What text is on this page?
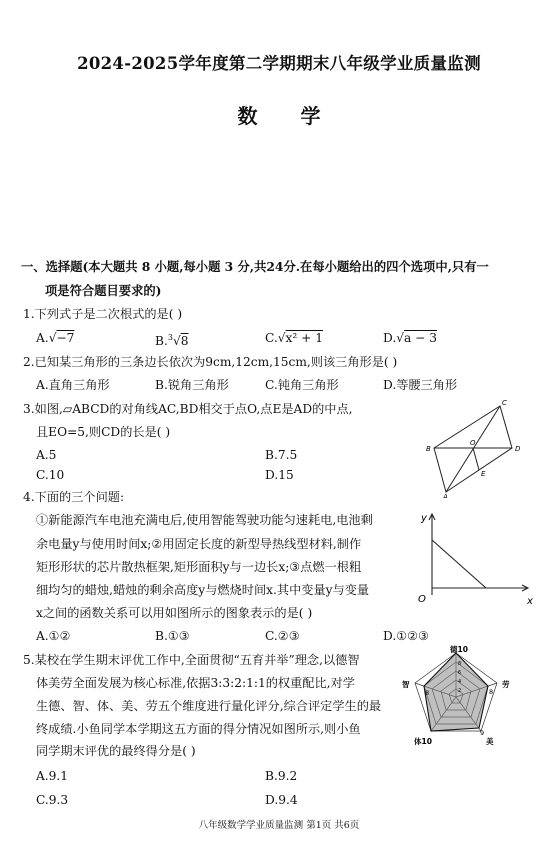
2024-2025学年度第二学期期末八年级学业质量监测
数 学
一、选择题(本大题共 8 小题,每小题 3 分,共24分.在每小题给出的四个选项中,只有一
项是符合题目要求的)
1.下列式子是二次根式的是( )
A.√−7	B.$^3$√8	C.√x² + 1	D.√a − 3
2.已知某三角形的三条边长依次为9cm,12cm,15cm,则该三角形是( )
A.直角三角形	B.锐角三角形	C.钝角三角形	D.等腰三角形
3.如图,▱ABCD的对角线AC,BD相交于点O,点E是AD的中点,
且EO=5,则CD的长是( )
A.5	B.7.5
C.10	D.15
B
C
D
A
O
E
4.下面的三个问题:
①新能源汽车电池充满电后,使用智能驾驶功能匀速耗电,电池剩
余电量y与使用时间x;②用固定长度的新型导热线型材料,制作
矩形形状的芯片散热框架,矩形面积y与一边长x;③点燃一根粗
细均匀的蜡烛,蜡烛的剩余高度y与燃烧时间x.其中变量y与变量
x之间的函数关系可以用如图所示的图象表示的是( )
A.①②	B.①③	C.②③	D.①②③
y
x
O
5.某校在学生期末评优工作中,全面贯彻“五育并举”理念,以德智
体美劳全面发展为核心标准,依据3:3:2:1:1的权重配比,对学
生德、智、体、美、劳五个维度进行量化评分,综合评定学生的最
终成绩.小鱼同学本学期这五方面的得分情况如图所示,则小鱼
同学期末评优的最终得分是( )
A.9.1	B.9.2
C.9.3	D.9.4
德10
劳
美
体10
智
8
9
8
8
6
4
2
八年级数学学业质量监测 第1页 共6页
